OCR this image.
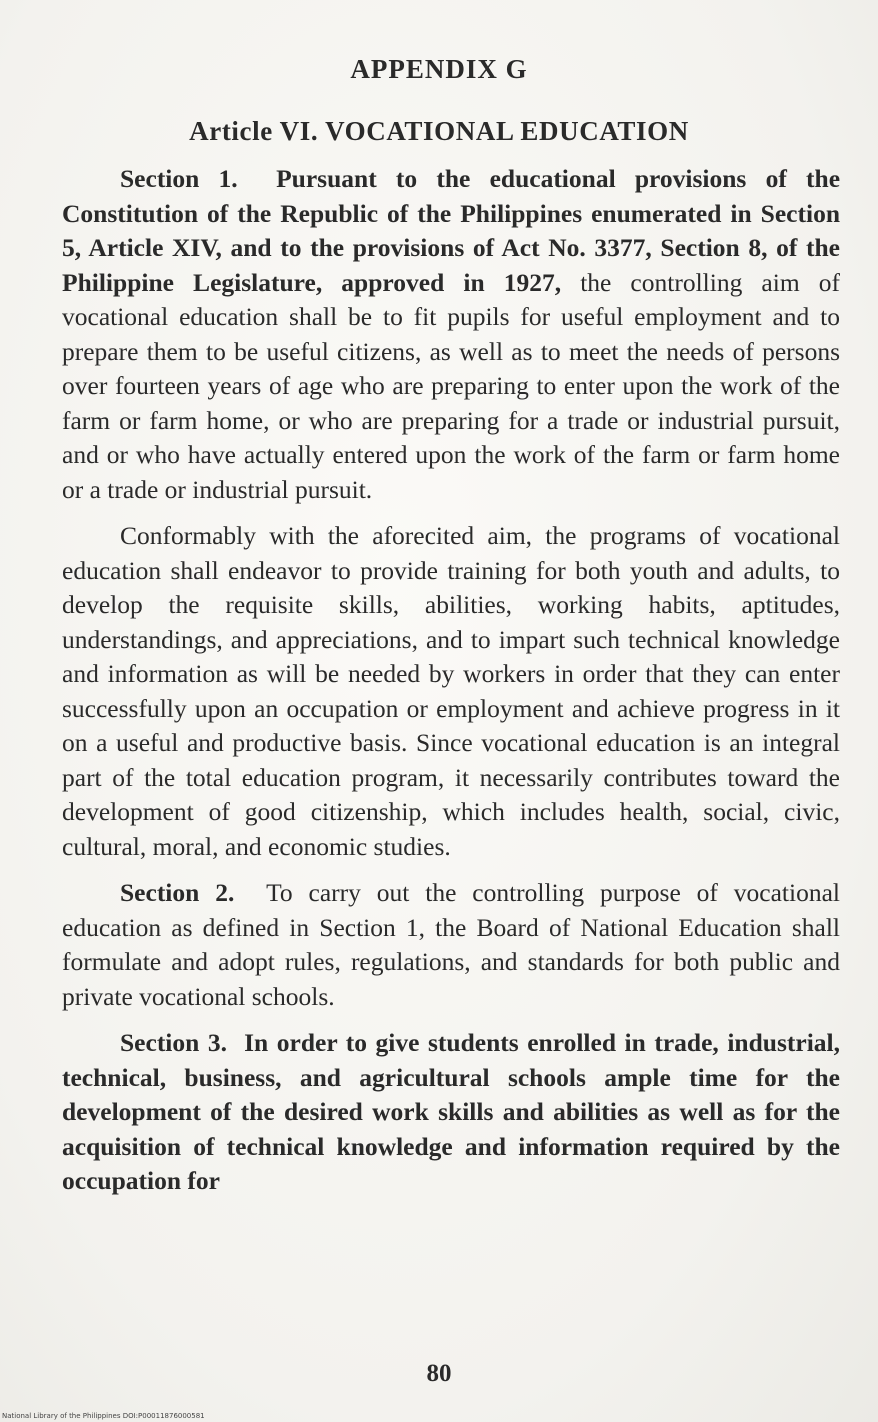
APPENDIX G
Article VI. VOCATIONAL EDUCATION

Section 1. Pursuant to the educational provisions of the Constitution of the Republic of the Philippines enumerated in Section 5, Article XIV, and to the provisions of Act No. 3377, Section 8, of the Philippine Legislature, approved in 1927, the controlling aim of vocational education shall be to fit pupils for useful employment and to prepare them to be useful citizens, as well as to meet the needs of persons over fourteen years of age who are preparing to enter upon the work of the farm or farm home, or who are preparing for a trade or industrial pursuit, and or who have actually entered upon the work of the farm or farm home or a trade or industrial pursuit.

Conformably with the aforecited aim, the programs of vocational education shall endeavor to provide training for both youth and adults, to develop the requisite skills, abilities, working habits, aptitudes, understandings, and appreciations, and to impart such technical knowledge and information as will be needed by workers in order that they can enter successfully upon an occupation or employment and achieve progress in it on a useful and productive basis. Since vocational education is an integral part of the total education program, it necessarily contributes toward the development of good citizenship, which includes health, social, civic, cultural, moral, and economic studies.

Section 2. To carry out the controlling purpose of vocational education as defined in Section 1, the Board of National Education shall formulate and adopt rules, regulations, and standards for both public and private vocational schools.

Section 3. In order to give students enrolled in trade, industrial, technical, business, and agricultural schools ample time for the development of the desired work skills and abilities as well as for the acquisition of technical knowledge and information required by the occupation for

80
National Library of the Philippines DOI:P00011876000581
